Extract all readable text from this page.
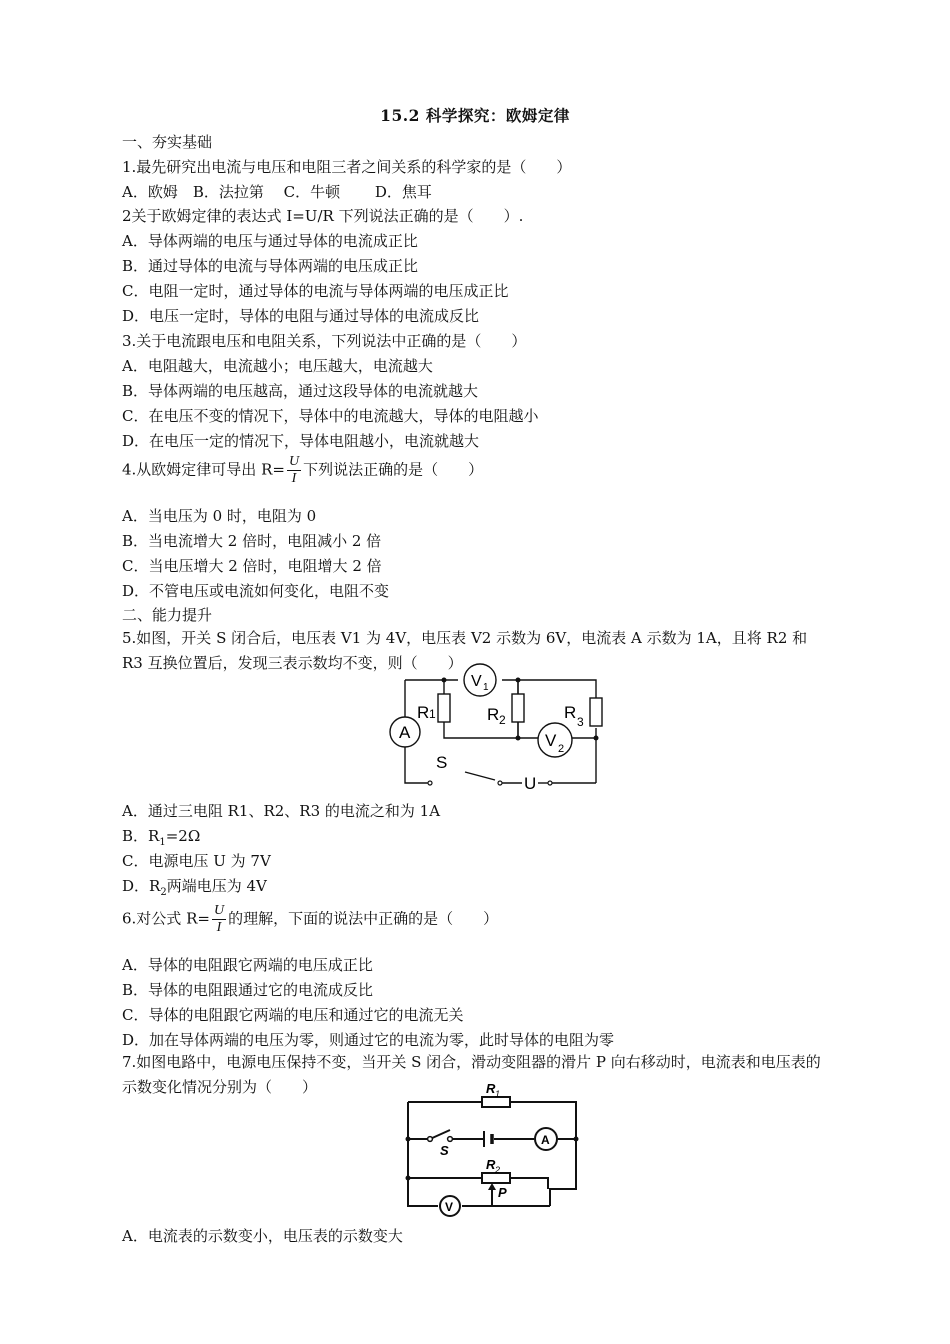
15.2 科学探究：欧姆定律
一、夯实基础
1.最先研究出电流与电压和电阻三者之间关系的科学家的是（　　）
A．欧姆　B．法拉第　 C．牛顿　　 D．焦耳
2关于欧姆定律的表达式 I=U/R 下列说法正确的是（　　）.
A．导体两端的电压与通过导体的电流成正比
B．通过导体的电流与导体两端的电压成正比
C．电阻一定时，通过导体的电流与导体两端的电压成正比
D．电压一定时，导体的电阻与通过导体的电流成反比
3.关于电流跟电压和电阻关系，下列说法中正确的是（　　）
A．电阻越大，电流越小；电压越大，电流越大
B．导体两端的电压越高，通过这段导体的电流就越大
C．在电压不变的情况下，导体中的电流越大，导体的电阻越小
D．在电压一定的情况下，导体电阻越小，电流就越大
4.从欧姆定律可导出 $R= \frac{U}{I}$ 下列说法正确的是（　　）
A．当电压为 0 时，电阻为 0
B．当电流增大 2 倍时，电阻减小 2 倍
C．当电压增大 2 倍时，电阻增大 2 倍
D．不管电压或电流如何变化，电阻不变
二、能力提升
5.如图，开关 S 闭合后，电压表 V1 为 4V，电压表 V2 示数为 6V，电流表 A 示数为 1A，且将 R2 和 R3 互换位置后，发现三表示数均不变，则（　　）
A
V 1
V 2
R 1	R 2	R 3
S
U
A．通过三电阻 R1、R2、R3 的电流之和为 1A
B．$R_1=2\Omega$
C．电源电压 U 为 7V
D．$R_2$两端电压为 4V
6.对公式 $R= \frac{U}{I}$ 的理解，下面的说法中正确的是（　　）
A．导体的电阻跟它两端的电压成正比
B．导体的电阻跟通过它的电流成反比
C．导体的电阻跟它两端的电压和通过它的电流无关
D．加在导体两端的电压为零，则通过它的电流为零，此时导体的电阻为零
7.如图电路中，电源电压保持不变，当开关 S 闭合，滑动变阻器的滑片 P 向右移动时，电流表和电压表的示数变化情况分别为（　　）	R 1
R 2
S
A
V
P
A．电流表的示数变小，电压表的示数变大
